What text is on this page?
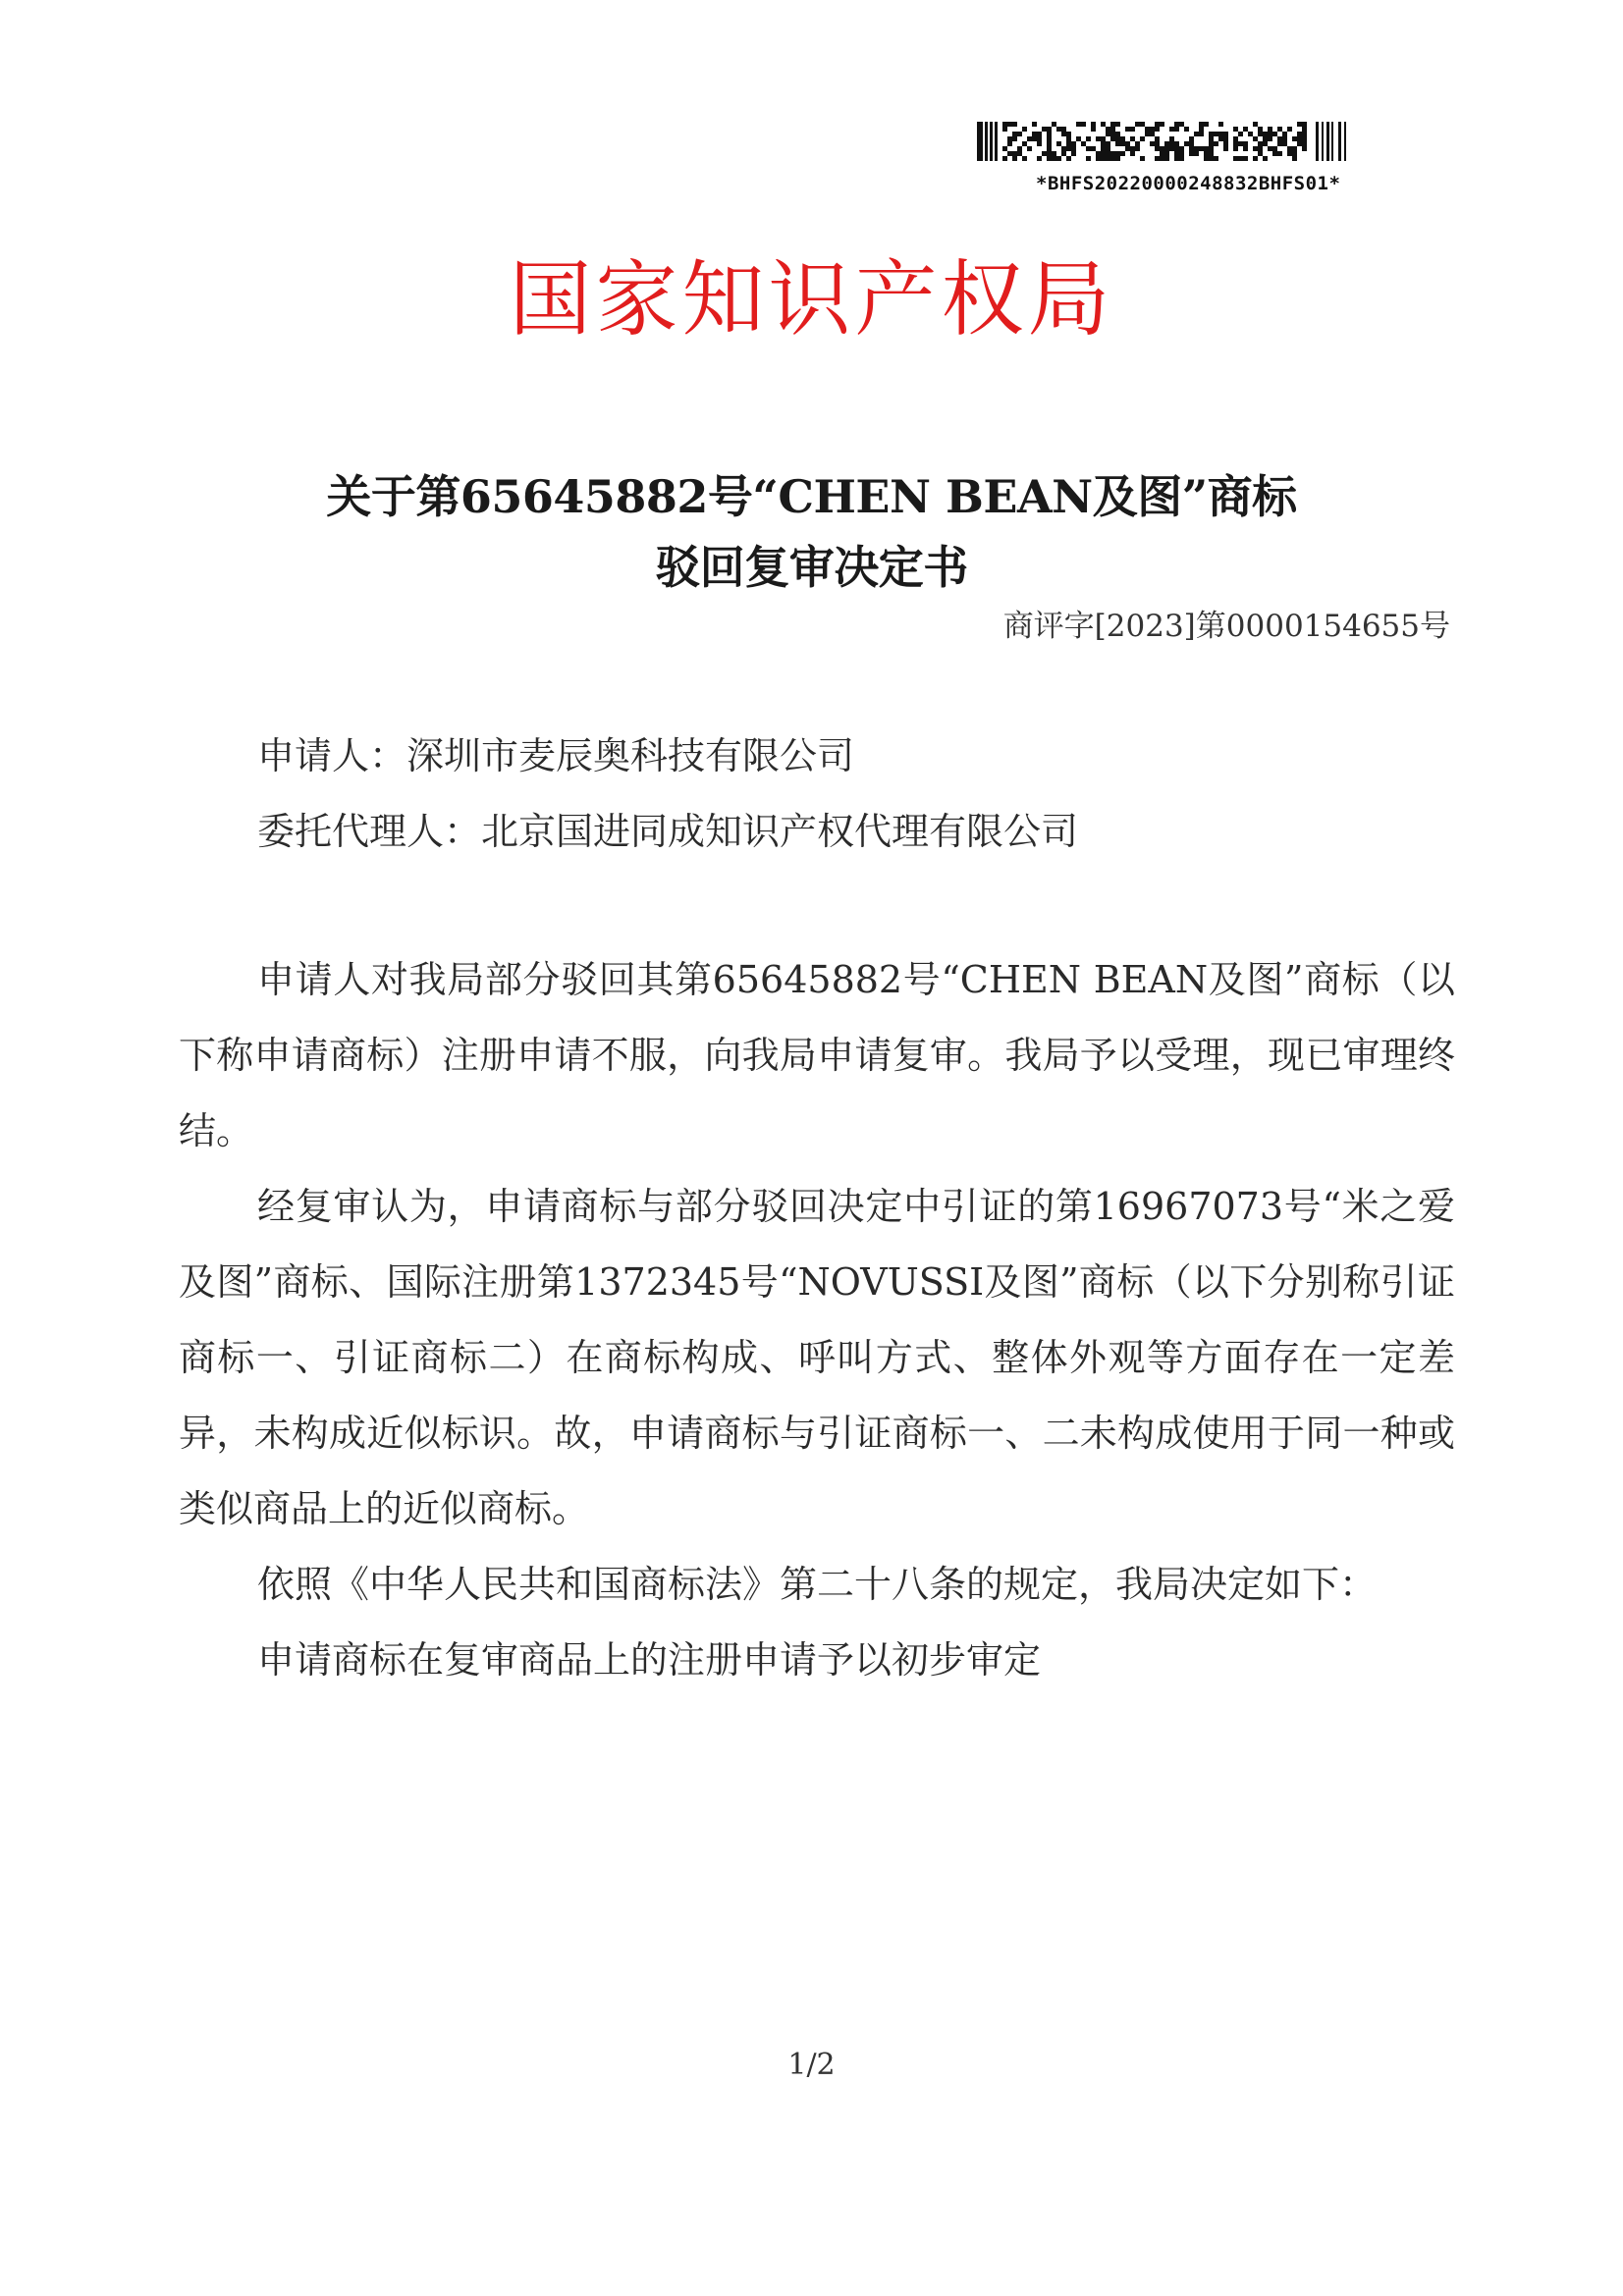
*BHFS20220000248832BHFS01*
国家知识产权局
关于第65645882号“CHEN BEAN及图”商标
驳回复审决定书
商评字[2023]第0000154655号
申请人：深圳市麦辰奥科技有限公司
委托代理人：北京国进同成知识产权代理有限公司

申请人对我局部分驳回其第65645882号“CHEN BEAN及图”商标（以下称申请商标）注册申请不服，向我局申请复审。我局予以受理，现已审理终结。

经复审认为，申请商标与部分驳回决定中引证的第16967073号“米之爱及图”商标、国际注册第1372345号“NOVUSSI及图”商标（以下分别称引证商标一、引证商标二）在商标构成、呼叫方式、整体外观等方面存在一定差异，未构成近似标识。故，申请商标与引证商标一、二未构成使用于同一种或类似商品上的近似商标。

依照《中华人民共和国商标法》第二十八条的规定，我局决定如下：

申请商标在复审商品上的注册申请予以初步审定

1/2
